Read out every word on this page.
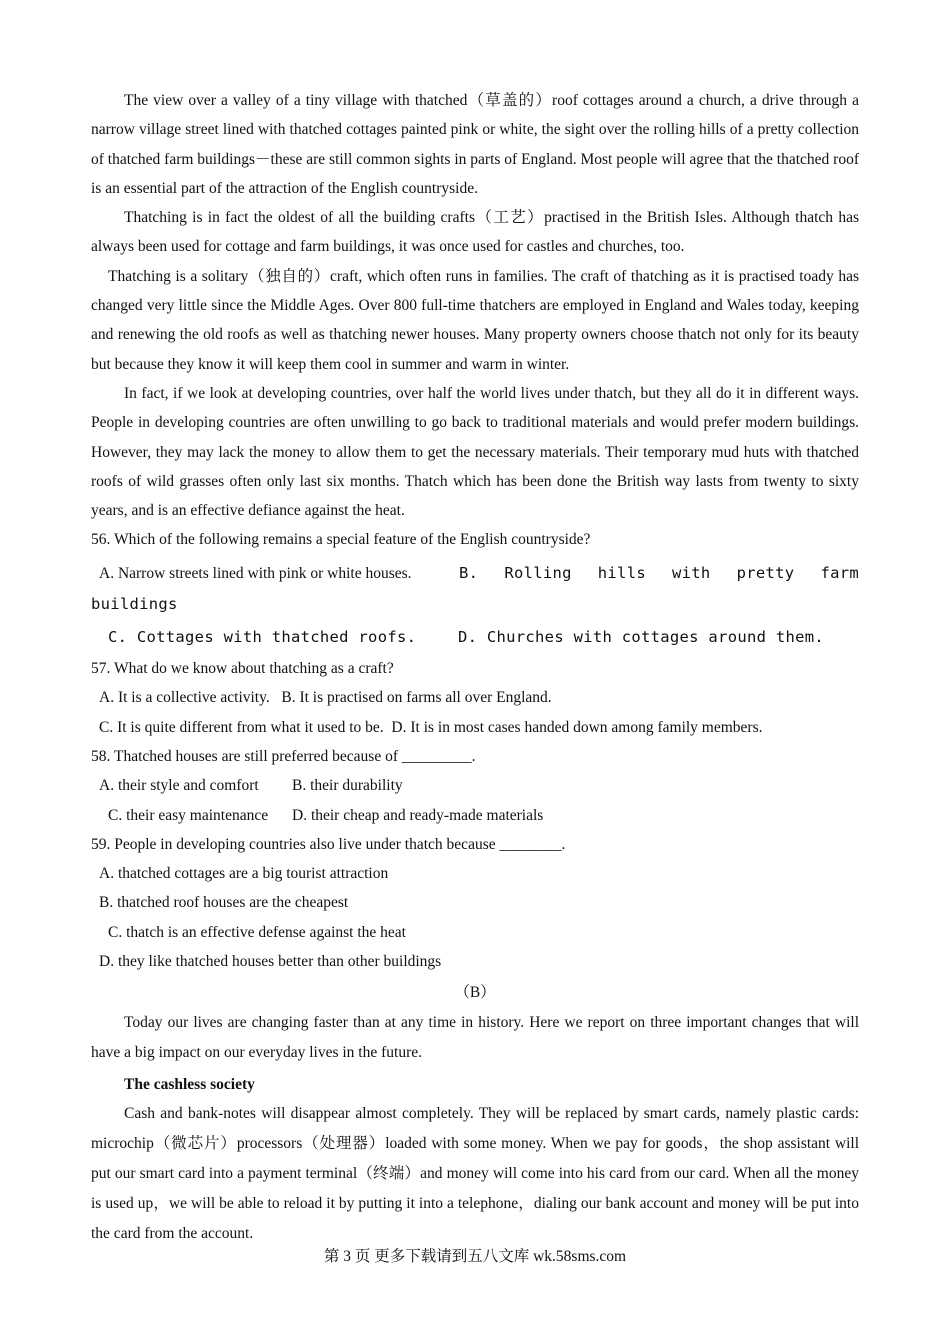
The view over a valley of a tiny village with thatched（草盖的）roof cottages around a church, a drive through a narrow village street lined with thatched cottages painted pink or white, the sight over the rolling hills of a pretty collection of thatched farm buildings－these are still common sights in parts of England. Most people will agree that the thatched roof is an essential part of the attraction of the English countryside.

Thatching is in fact the oldest of all the building crafts（工艺）practised in the British Isles. Although thatch has always been used for cottage and farm buildings, it was once used for castles and churches, too.

Thatching is a solitary（独自的）craft, which often runs in families. The craft of thatching as it is practised toady has changed very little since the Middle Ages. Over 800 full-time thatchers are employed in England and Wales today, keeping and renewing the old roofs as well as thatching newer houses. Many property owners choose thatch not only for its beauty but because they know it will keep them cool in summer and warm in winter.

In fact, if we look at developing countries, over half the world lives under thatch, but they all do it in different ways. People in developing countries are often unwilling to go back to traditional materials and would prefer modern buildings. However, they may lack the money to allow them to get the necessary materials. Their temporary mud huts with thatched roofs of wild grasses often only last six months. Thatch which has been done the British way lasts from twenty to sixty years, and is an effective defiance against the heat.

56. Which of the following remains a special feature of the English countryside?

A. Narrow streets lined with pink or white houses.	B. Rolling hills with pretty farm

buildings

C. Cottages with thatched roofs.	D. Churches with cottages around them.

57. What do we know about thatching as a craft?

A. It is a collective activity.   B. It is practised on farms all over England.

C. It is quite different from what it used to be.  D. It is in most cases handed down among family members.

58. Thatched houses are still preferred because of _________.

A. their style and comfort	B. their durability
C. their easy maintenance	D. their cheap and ready-made materials

59. People in developing countries also live under thatch because ________.

A. thatched cottages are a big tourist attraction

B. thatched roof houses are the cheapest

C. thatch is an effective defense against the heat

D. they like thatched houses better than other buildings

（B）

Today our lives are changing faster than at any time in history. Here we report on three important changes that will have a big impact on our everyday lives in the future.

The cashless society

Cash and bank-notes will disappear almost completely. They will be replaced by smart cards, namely plastic cards: microchip（微芯片）processors（处理器）loaded with some money. When we pay for goods，the shop assistant will put our smart card into a payment terminal（终端）and money will come into his card from our card. When all the money is used up，we will be able to reload it by putting it into a telephone，dialing our bank account and money will be put into the card from the account.

第 3 页 更多下载请到五八文库 wk.58sms.com
